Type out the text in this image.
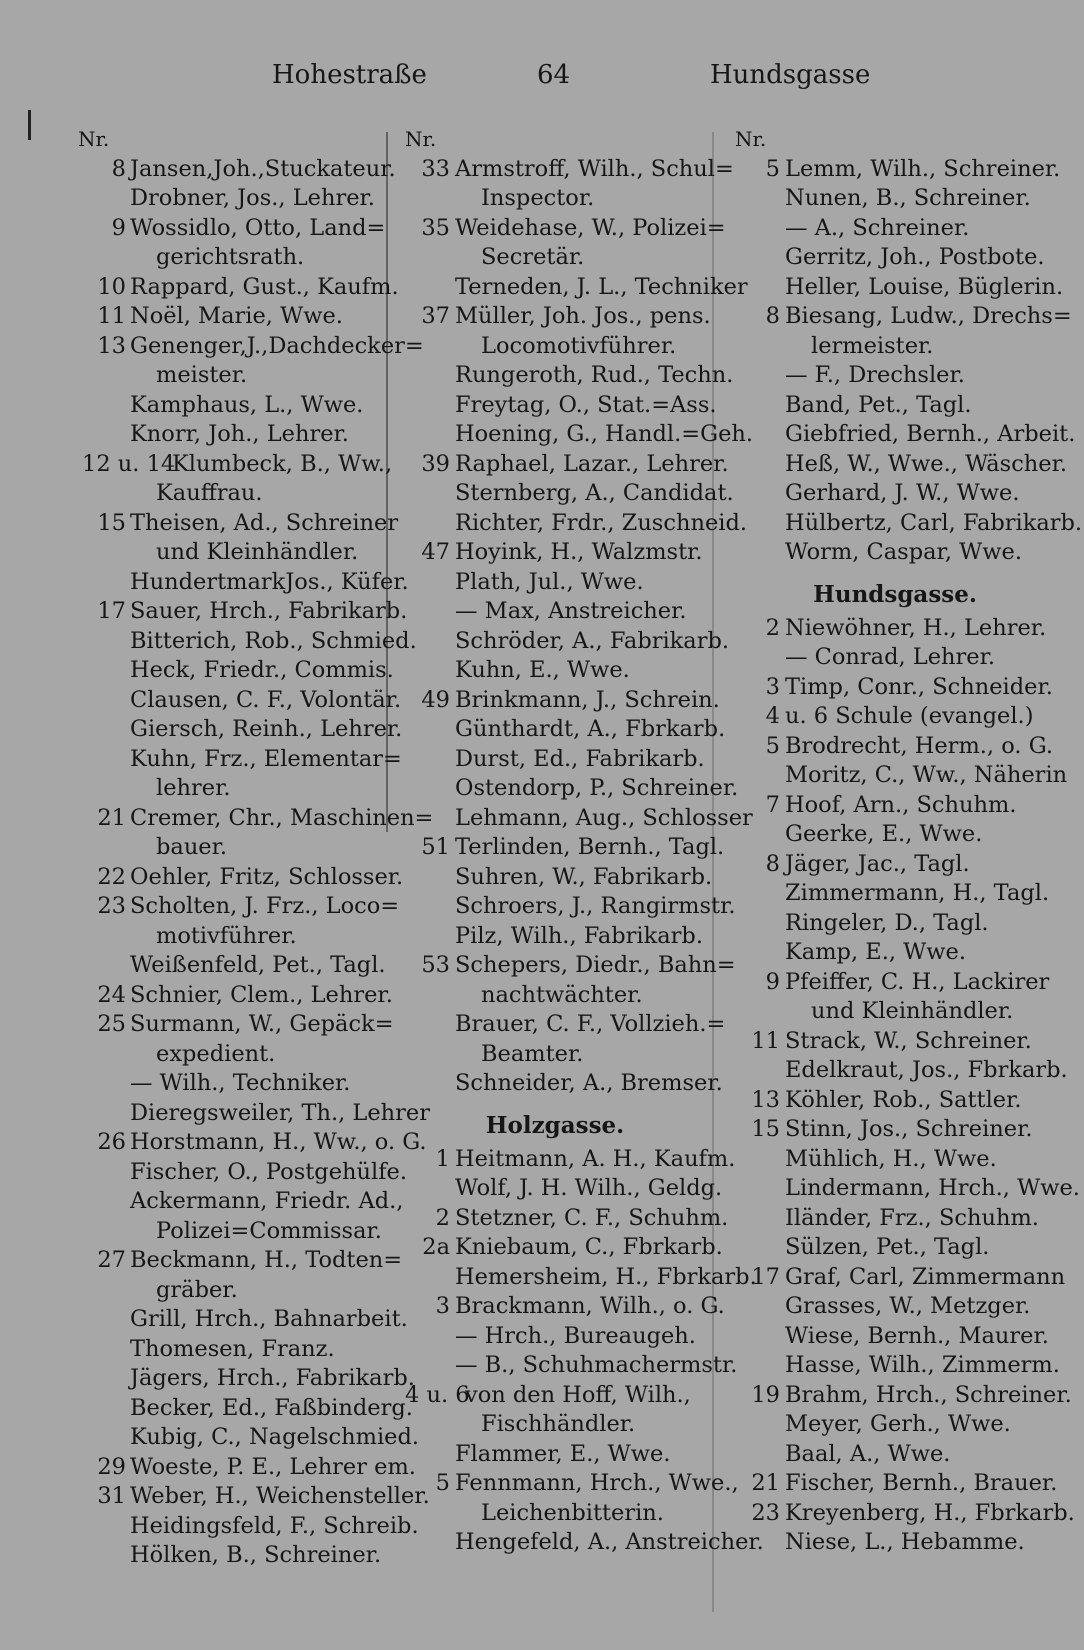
Hohestraße	64	Hundsgasse
Nr.
8 Jansen,Joh.,Stuckateur.
Drobner, Jos., Lehrer.
9 Wossidlo, Otto, Land=
gerichtsrath.
10 Rappard, Gust., Kaufm.
11 Noël, Marie, Wwe.
13 Genenger,J.,Dachdecker=
meister.
Kamphaus, L., Wwe.
Knorr, Joh., Lehrer.
12 u. 14
Klumbeck, B., Ww.,
Kauffrau.
15 Theisen, Ad., Schreiner
und Kleinhändler.
HundertmarkJos., Küfer.
17 Sauer, Hrch., Fabrikarb.
Bitterich, Rob., Schmied.
Heck, Friedr., Commis.
Clausen, C. F., Volontär.
Giersch, Reinh., Lehrer.
Kuhn, Frz., Elementar=
lehrer.
21 Cremer, Chr., Maschinen=
bauer.
22 Oehler, Fritz, Schlosser.
23 Scholten, J. Frz., Loco=
motivführer.
Weißenfeld, Pet., Tagl.
24 Schnier, Clem., Lehrer.
25 Surmann, W., Gepäck=
expedient.
— Wilh., Techniker.
Dieregsweiler, Th., Lehrer
26 Horstmann, H., Ww., o. G.
Fischer, O., Postgehülfe.
Ackermann, Friedr. Ad.,
Polizei=Commissar.
27 Beckmann, H., Todten=
gräber.
Grill, Hrch., Bahnarbeit.
Thomesen, Franz.
Jägers, Hrch., Fabrikarb.
Becker, Ed., Faßbinderg.
Kubig, C., Nagelschmied.
29 Woeste, P. E., Lehrer em.
31 Weber, H., Weichensteller.
Heidingsfeld, F., Schreib.
Hölken, B., Schreiner.
Nr.
33 Armstroff, Wilh., Schul=
Inspector.
35 Weidehase, W., Polizei=
Secretär.
Terneden, J. L., Techniker
37 Müller, Joh. Jos., pens.
Locomotivführer.
Rungeroth, Rud., Techn.
Freytag, O., Stat.=Ass.
Hoening, G., Handl.=Geh.
39 Raphael, Lazar., Lehrer.
Sternberg, A., Candidat.
Richter, Frdr., Zuschneid.
47 Hoyink, H., Walzmstr.
Plath, Jul., Wwe.
— Max, Anstreicher.
Schröder, A., Fabrikarb.
Kuhn, E., Wwe.
49 Brinkmann, J., Schrein.
Günthardt, A., Fbrkarb.
Durst, Ed., Fabrikarb.
Ostendorp, P., Schreiner.
Lehmann, Aug., Schlosser
51 Terlinden, Bernh., Tagl.
Suhren, W., Fabrikarb.
Schroers, J., Rangirmstr.
Pilz, Wilh., Fabrikarb.
53 Schepers, Diedr., Bahn=
nachtwächter.
Brauer, C. F., Vollzieh.=
Beamter.
Schneider, A., Bremser.
Holzgasse.
1 Heitmann, A. H., Kaufm.
Wolf, J. H. Wilh., Geldg.
2 Stetzner, C. F., Schuhm.
2a Kniebaum, C., Fbrkarb.
Hemersheim, H., Fbrkarb.
3 Brackmann, Wilh., o. G.
— Hrch., Bureaugeh.
— B., Schuhmachermstr.
4 u. 6
von den Hoff, Wilh.,
Fischhändler.
Flammer, E., Wwe.
5 Fennmann, Hrch., Wwe.,
Leichenbitterin.
Hengefeld, A., Anstreicher.
Nr.
5 Lemm, Wilh., Schreiner.
Nunen, B., Schreiner.
— A., Schreiner.
Gerritz, Joh., Postbote.
Heller, Louise, Büglerin.
8 Biesang, Ludw., Drechs=
lermeister.
— F., Drechsler.
Band, Pet., Tagl.
Giebfried, Bernh., Arbeit.
Heß, W., Wwe., Wäscher.
Gerhard, J. W., Wwe.
Hülbertz, Carl, Fabrikarb.
Worm, Caspar, Wwe.
Hundsgasse.
2 Niewöhner, H., Lehrer.
— Conrad, Lehrer.
3 Timp, Conr., Schneider.
4 u. 6 Schule (evangel.)
5 Brodrecht, Herm., o. G.
Moritz, C., Ww., Näherin
7 Hoof, Arn., Schuhm.
Geerke, E., Wwe.
8 Jäger, Jac., Tagl.
Zimmermann, H., Tagl.
Ringeler, D., Tagl.
Kamp, E., Wwe.
9 Pfeiffer, C. H., Lackirer
und Kleinhändler.
11 Strack, W., Schreiner.
Edelkraut, Jos., Fbrkarb.
13 Köhler, Rob., Sattler.
15 Stinn, Jos., Schreiner.
Mühlich, H., Wwe.
Lindermann, Hrch., Wwe.
Iländer, Frz., Schuhm.
Sülzen, Pet., Tagl.
17 Graf, Carl, Zimmermann
Grasses, W., Metzger.
Wiese, Bernh., Maurer.
Hasse, Wilh., Zimmerm.
19 Brahm, Hrch., Schreiner.
Meyer, Gerh., Wwe.
Baal, A., Wwe.
21 Fischer, Bernh., Brauer.
23 Kreyenberg, H., Fbrkarb.
Niese, L., Hebamme.
